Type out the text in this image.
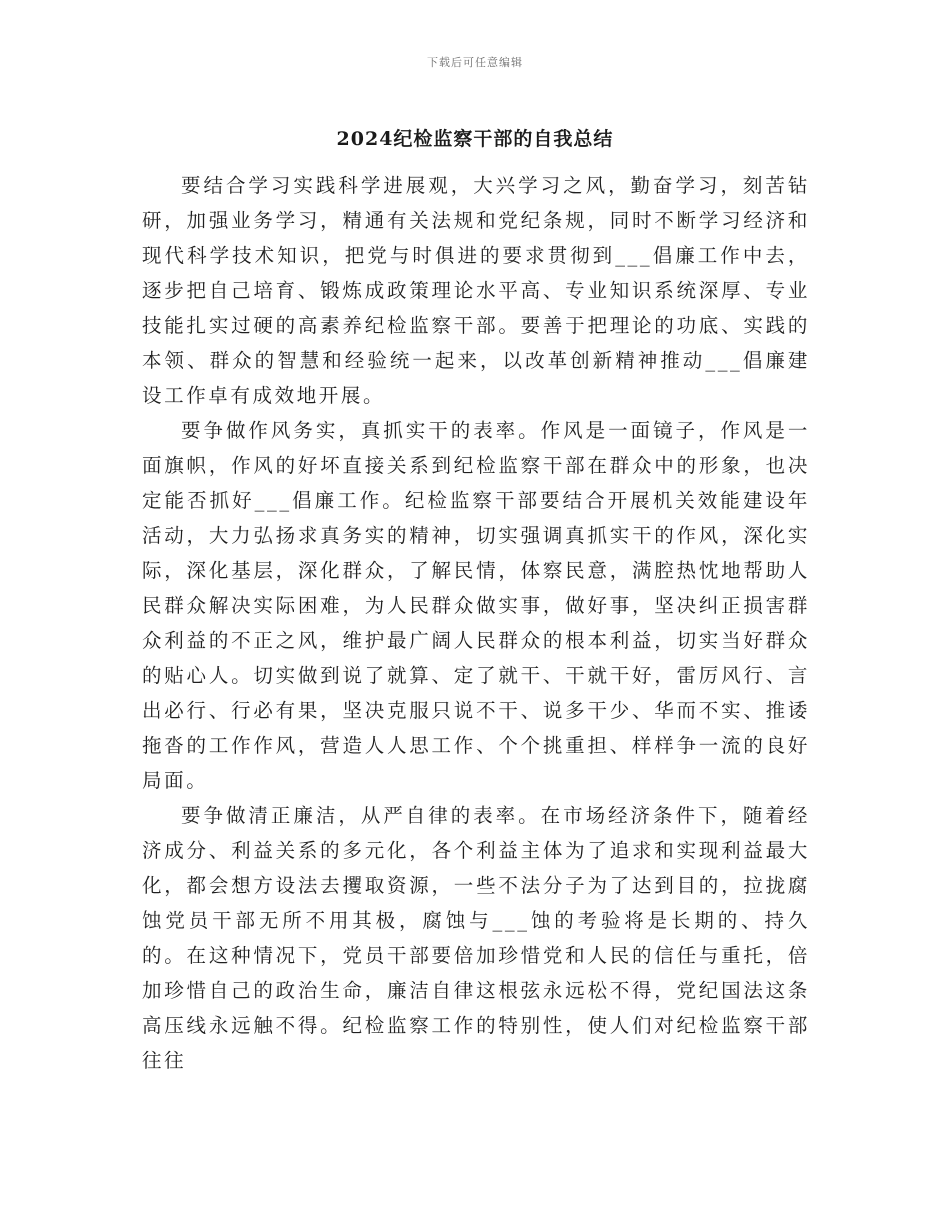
下载后可任意编辑
2024纪检监察干部的自我总结

要结合学习实践科学进展观，大兴学习之风，勤奋学习，刻苦钻研，加强业务学习，精通有关法规和党纪条规，同时不断学习经济和现代科学技术知识，把党与时俱进的要求贯彻到___倡廉工作中去，逐步把自己培育、锻炼成政策理论水平高、专业知识系统深厚、专业技能扎实过硬的高素养纪检监察干部。要善于把理论的功底、实践的本领、群众的智慧和经验统一起来，以改革创新精神推动___倡廉建设工作卓有成效地开展。

要争做作风务实，真抓实干的表率。作风是一面镜子，作风是一面旗帜，作风的好坏直接关系到纪检监察干部在群众中的形象，也决定能否抓好___倡廉工作。纪检监察干部要结合开展机关效能建设年活动，大力弘扬求真务实的精神，切实强调真抓实干的作风，深化实际，深化基层，深化群众，了解民情，体察民意，满腔热忱地帮助人民群众解决实际困难，为人民群众做实事，做好事，坚决纠正损害群众利益的不正之风，维护最广阔人民群众的根本利益，切实当好群众的贴心人。切实做到说了就算、定了就干、干就干好，雷厉风行、言出必行、行必有果，坚决克服只说不干、说多干少、华而不实、推诿拖沓的工作作风，营造人人思工作、个个挑重担、样样争一流的良好局面。

要争做清正廉洁，从严自律的表率。在市场经济条件下，随着经济成分、利益关系的多元化，各个利益主体为了追求和实现利益最大化，都会想方设法去攫取资源，一些不法分子为了达到目的，拉拢腐蚀党员干部无所不用其极，腐蚀与___蚀的考验将是长期的、持久的。在这种情况下，党员干部要倍加珍惜党和人民的信任与重托，倍加珍惜自己的政治生命，廉洁自律这根弦永远松不得，党纪国法这条高压线永远触不得。纪检监察工作的特别性，使人们对纪检监察干部往往
